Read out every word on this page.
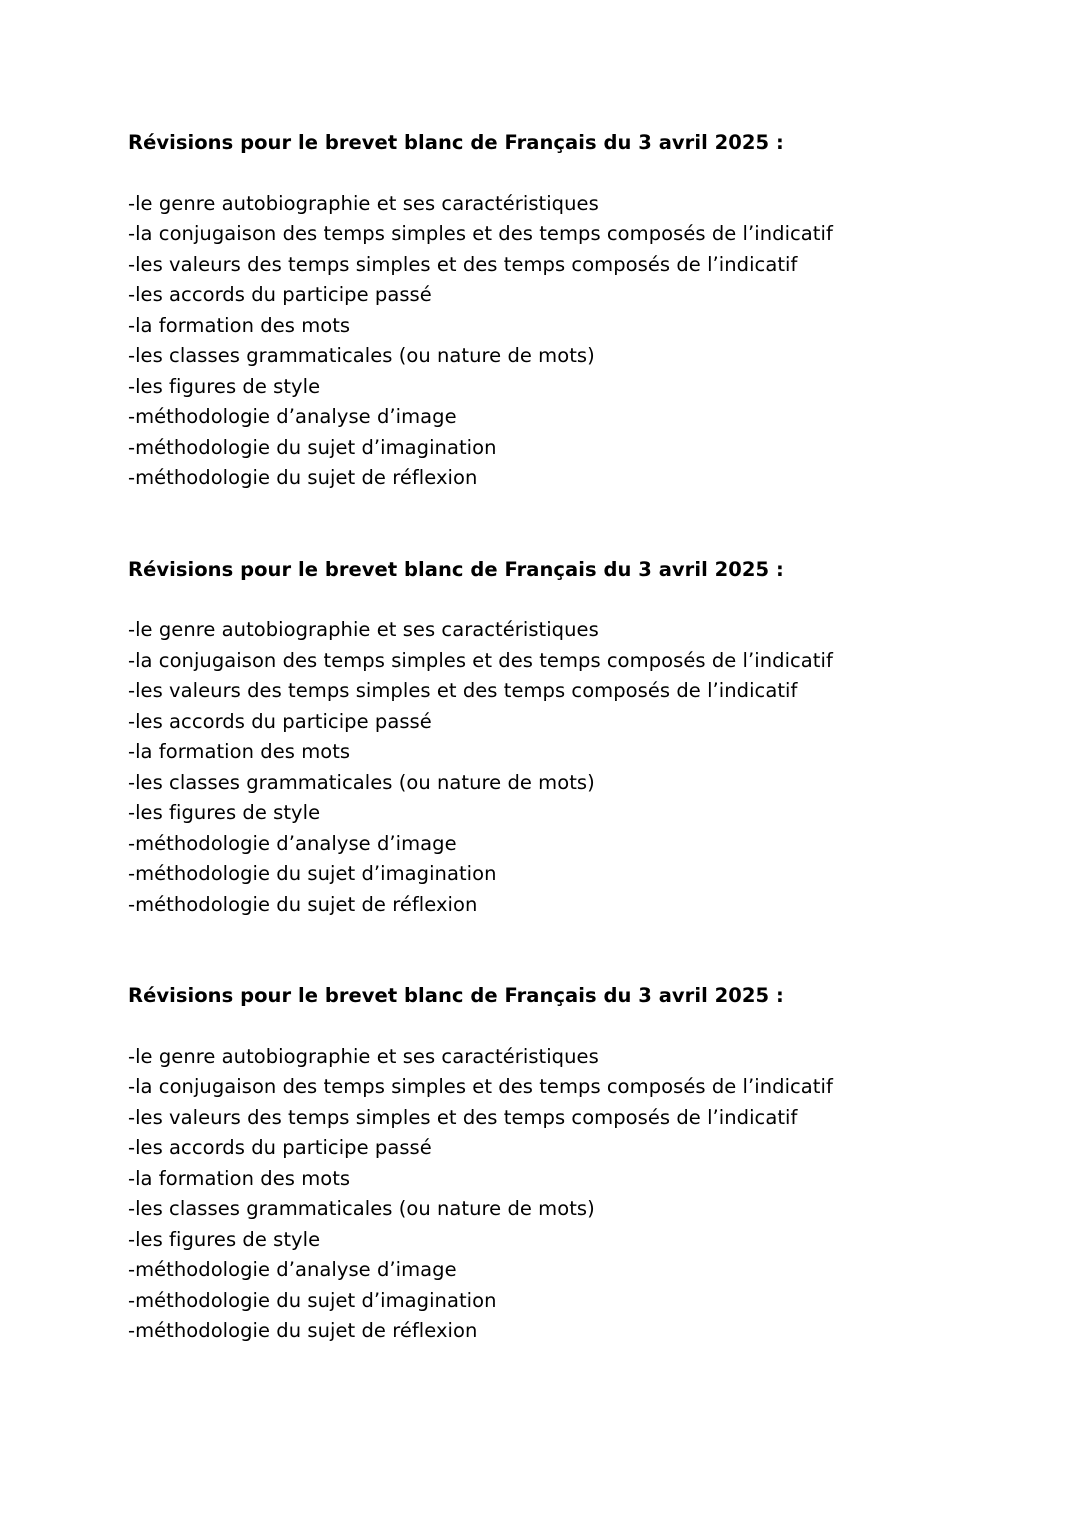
Révisions pour le brevet blanc de Français du 3 avril 2025 :
-le genre autobiographie et ses caractéristiques
-la conjugaison des temps simples et des temps composés de l’indicatif
-les valeurs des temps simples et des temps composés de l’indicatif
-les accords du participe passé
-la formation des mots
-les classes grammaticales (ou nature de mots)
-les figures de style
-méthodologie d’analyse d’image
-méthodologie du sujet d’imagination
-méthodologie du sujet de réflexion
Révisions pour le brevet blanc de Français du 3 avril 2025 :
-le genre autobiographie et ses caractéristiques
-la conjugaison des temps simples et des temps composés de l’indicatif
-les valeurs des temps simples et des temps composés de l’indicatif
-les accords du participe passé
-la formation des mots
-les classes grammaticales (ou nature de mots)
-les figures de style
-méthodologie d’analyse d’image
-méthodologie du sujet d’imagination
-méthodologie du sujet de réflexion
Révisions pour le brevet blanc de Français du 3 avril 2025 :
-le genre autobiographie et ses caractéristiques
-la conjugaison des temps simples et des temps composés de l’indicatif
-les valeurs des temps simples et des temps composés de l’indicatif
-les accords du participe passé
-la formation des mots
-les classes grammaticales (ou nature de mots)
-les figures de style
-méthodologie d’analyse d’image
-méthodologie du sujet d’imagination
-méthodologie du sujet de réflexion
